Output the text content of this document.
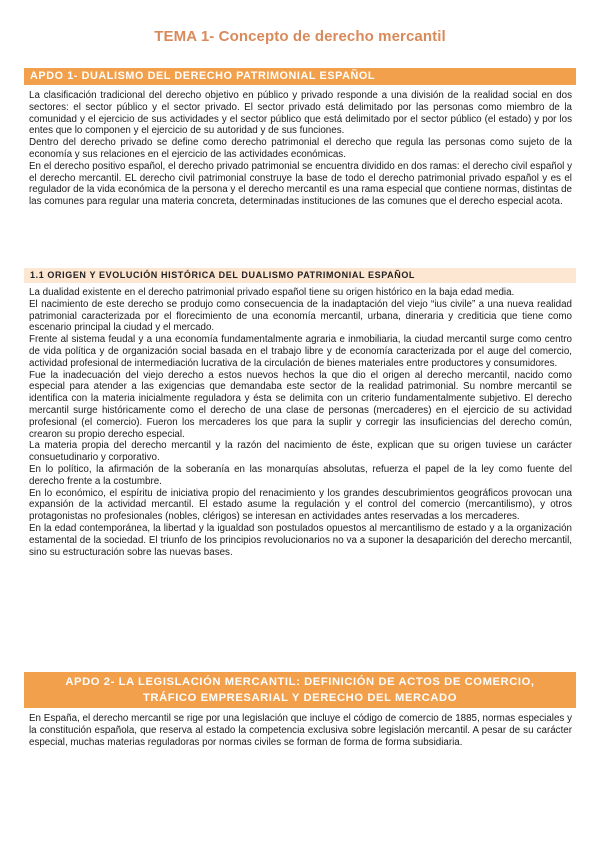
TEMA 1- Concepto de derecho mercantil
APDO 1- DUALISMO DEL DERECHO PATRIMONIAL ESPAÑOL

La clasificación tradicional del derecho objetivo en público y privado responde a una división de la realidad social en dos sectores: el sector público y el sector privado. El sector privado está delimitado por las personas como miembro de la comunidad y el ejercicio de sus actividades y el sector público que está delimitado por el sector público (el estado) y por los entes que lo componen y el ejercicio de su autoridad y de sus funciones.

Dentro del derecho privado se define como derecho patrimonial el derecho que regula las personas como sujeto de la economía y sus relaciones en el ejercicio de las actividades económicas.

En el derecho positivo español, el derecho privado patrimonial se encuentra dividido en dos ramas: el derecho civil español y el derecho mercantil. EL derecho civil patrimonial construye la base de todo el derecho patrimonial privado español y es el regulador de la vida económica de la persona y el derecho mercantil es una rama especial que contiene normas, distintas de las comunes para regular una materia concreta, determinadas instituciones de las comunes que el derecho especial acota.

1.1 ORIGEN Y EVOLUCIÓN HISTÓRICA DEL DUALISMO PATRIMONIAL ESPAÑOL

La dualidad existente en el derecho patrimonial privado español tiene su origen histórico en la baja edad media.

El nacimiento de este derecho se produjo como consecuencia de la inadaptación del viejo “ius civile” a una nueva realidad patrimonial caracterizada por el florecimiento de una economía mercantil, urbana, dineraria y crediticia que tiene como escenario principal la ciudad y el mercado.

Frente al sistema feudal y a una economía fundamentalmente agraria e inmobiliaria, la ciudad mercantil surge como centro de vida política y de organización social basada en el trabajo libre y de economía caracterizada por el auge del comercio, actividad profesional de intermediación lucrativa de la circulación de bienes materiales entre productores y consumidores.

Fue la inadecuación del viejo derecho a estos nuevos hechos la que dio el origen al derecho mercantil, nacido como especial para atender a las exigencias que demandaba este sector de la realidad patrimonial. Su nombre mercantil se identifica con la materia inicialmente reguladora y ésta se delimita con un criterio fundamentalmente subjetivo. El derecho mercantil surge históricamente como el derecho de una clase de personas (mercaderes) en el ejercicio de su actividad profesional (el comercio). Fueron los mercaderes los que para la suplir y corregir las insuficiencias del derecho común, crearon su propio derecho especial.

La materia propia del derecho mercantil y la razón del nacimiento de éste, explican que su origen tuviese un carácter consuetudinario y corporativo.

En lo político, la afirmación de la soberanía en las monarquías absolutas, refuerza el papel de la ley como fuente del derecho frente a la costumbre.

En lo económico, el espíritu de iniciativa propio del renacimiento y los grandes descubrimientos geográficos provocan una expansión de la actividad mercantil. El estado asume la regulación y el control del comercio (mercantilismo), y otros protagonistas no profesionales (nobles, clérigos) se interesan en actividades antes reservadas a los mercaderes.

En la edad contemporánea, la libertad y la igualdad son postulados opuestos al mercantilismo de estado y a la organización estamental de la sociedad. El triunfo de los principios revolucionarios no va a suponer la desaparición del derecho mercantil, sino su estructuración sobre las nuevas bases.

APDO 2- LA LEGISLACIÓN MERCANTIL: DEFINICIÓN DE ACTOS DE COMERCIO,
TRÁFICO EMPRESARIAL Y DERECHO DEL MERCADO

En España, el derecho mercantil se rige por una legislación que incluye el código de comercio de 1885, normas especiales y la constitución española, que reserva al estado la competencia exclusiva sobre legislación mercantil. A pesar de su carácter especial, muchas materias reguladoras por normas civiles se forman de forma de forma subsidiaria.
